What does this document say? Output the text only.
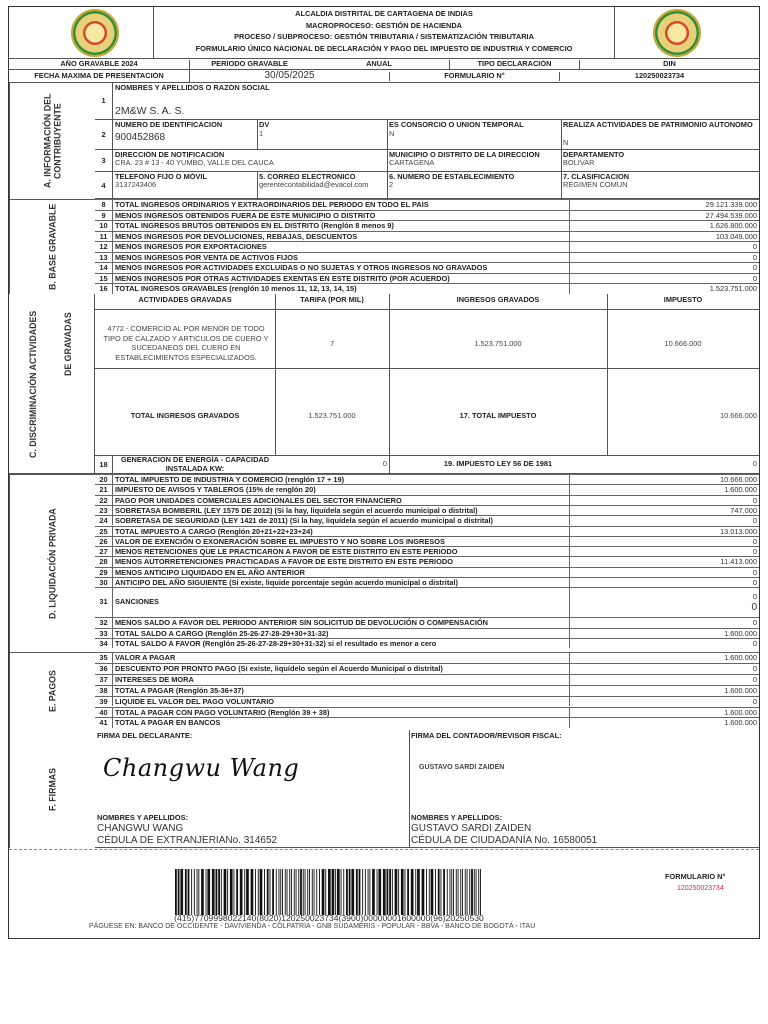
ALCALDIA DISTRITAL DE CARTAGENA DE INDIAS
MACROPROCESO: GESTIÓN DE HACIENDA
PROCESO / SUBPROCESO: GESTIÓN TRIBUTARIA / SISTEMATIZACIÓN TRIBUTARIA
FORMULARIO ÚNICO NACIONAL DE DECLARACIÓN Y PAGO DEL IMPUESTO DE INDUSTRIA Y COMERCIO
AÑO GRAVABLE 2024	PERÍODO GRAVABLE	ANUAL	TIPO DECLARACIÓN	DIN
FECHA MAXIMA DE PRESENTACIÓN	30/05/2025	FORMULARIO N°	120250023734
A. INFORMACIÓN DEL CONTRIBUYENTE
1
NOMBRES Y APELLIDOS O RAZÓN SOCIAL
2M&W S. A. S.
2
NUMERO DE IDENTIFICACION
900452868
DV
1
ES CONSORCIO O UNION TEMPORAL
N
REALIZA ACTIVIDADES DE PATRIMONIO AUTONOMO
N
3
DIRECCIÓN DE NOTIFICACIÓN
CRA. 23 # 13 - 40 YUMBO, VALLE DEL CAUCA
MUNICIPIO O DISTRITO DE LA DIRECCION
CARTAGENA
DEPARTAMENTO
BOLIVAR
4
TELEFONO FIJO O MÓVIL
3137243406
5. CORREO ELECTRONICO
gerentecontabilidad@evacol.com
6. NUMERO DE ESTABLECIMIENTO
2
7. CLASIFICACION
REGIMEN COMUN
B. BASE GRAVABLE	8	TOTAL INGRESOS ORDINARIOS Y EXTRAORDINARIOS DEL PERIODO EN TODO EL PAIS	29.121.339.000
9	MENOS INGRESOS OBTENIDOS FUERA DE ESTE MUNICIPIO O DISTRITO	27.494.539.000
10 TOTAL INGRESOS BRUTOS OBTENIDOS EN EL DISTRITO (Renglón 8 menos 9)	1.626.800.000
11	MENOS INGRESOS POR DEVOLUCIONES, REBAJAS, DESCUENTOS	103.049.000
12 MENOS INGRESOS POR EXPORTACIONES	0
13 MENOS INGRESOS POR VENTA DE ACTIVOS FIJOS	0
14 MENOS INGRESOS POR ACTIVIDADES EXCLUIDAS O NO SUJETAS Y OTROS INGRESOS NO GRAVADOS	0
15 MENOS INGRESOS POR OTRAS ACTIVIDADES EXENTAS EN ESTE DISTRITO (POR ACUERDO)	0
16 TOTAL INGRESOS GRAVABLES (renglón 10 menos 11, 12, 13, 14, 15)	1.523.751.000
C. DISCRIMINACIÓN ACTIVIDADES	DE GRAVADAS
ACTIVIDADES GRAVADAS	TARIFA (POR MIL)	INGRESOS GRAVADOS	IMPUESTO
4772 - COMERCIO AL POR MENOR DE TODO TIPO DE CALZADO Y ARTICULOS DE CUERO Y SUCEDANEOS DEL CUERO EN ESTABLECIMIENTOS ESPECIALIZADOS.
7	1.523.751.000	10.666.000
TOTAL INGRESOS GRAVADOS	1.523.751.000	17. TOTAL IMPUESTO	10.666.000
18
GENERACION DE ENERGÍA - CAPACIDAD INSTALADA KW:	0	19. IMPUESTO LEY 56 DE 1981	0
D. LIQUIDACIÓN PRIVADA
20 TOTAL IMPUESTO DE INDUSTRIA Y COMERCIO (renglón 17 + 19)	10.666.000
21 IMPUESTO DE AVISOS Y TABLEROS (15% de renglón 20)	1.600.000
22 PAGO POR UNIDADES COMERCIALES ADICIONALES DEL SECTOR FINANCIERO	0
23 SOBRETASA BOMBERIL (LEY 1575 DE 2012) (Si la hay, liquídela según el acuerdo municipal o distrital)	747.000
24 SOBRETASA DE SEGURIDAD (LEY 1421 de 2011) (Si la hay, liquídela según el acuerdo municipal o distrital)	0
25 TOTAL IMPUESTO A CARGO (Renglón 20+21+22+23+24)	13.013.000
26 VALOR DE EXENCIÓN O EXONERACIÓN SOBRE EL IMPUESTO Y NO SOBRE LOS INGRESOS	0
27 MENOS RETENCIONES QUE LE PRACTICARON A FAVOR DE ESTE DISTRITO EN ESTE PERIODO	0
28 MENOS AUTORRETENCIONES PRACTICADAS A FAVOR DE ESTE DISTRITO EN ESTE PERIODO	11.413.000
29 MENOS ANTICIPO LIQUIDADO EN EL AÑO ANTERIOR	0
30 ANTICIPO DEL AÑO SIGUIENTE (Si existe, liquide porcentaje según acuerdo municipal o distrital)	0
31 SANCIONES
0
0
32 MENOS SALDO A FAVOR DEL PERIODO ANTERIOR SIN SOLICITUD DE DEVOLUCIÓN O COMPENSACIÓN	0
33 TOTAL SALDO A CARGO (Renglón 25-26-27-28-29+30+31-32)	1.600.000
34 TOTAL SALDO A FAVOR (Renglón 25-26-27-28-29+30+31-32) si el resultado es menor a cero	0
E. PAGOS
35 VALOR A PAGAR	1.600.000
36 DESCUENTO POR PRONTO PAGO (Si existe, liquídelo según el Acuerdo Municipal o distrital)	0
37 INTERESES DE MORA	0
38 TOTAL A PAGAR (Renglón 35-36+37)	1.600.000
39 LIQUIDE EL VALOR DEL PAGO VOLUNTARIO	0
40 TOTAL A PAGAR CON PAGO VOLUNTARIO (Renglón 39 + 38)	1.600.000
41 TOTAL A PAGAR EN BANCOS	1.600.000
F. FIRMAS
FIRMA DEL DECLARANTE:
Changwu Wang
NOMBRES Y APELLIDOS:
CHANGWU WANG
CÉDULA DE EXTRANJERIANo. 314652
FIRMA DEL CONTADOR/REVISOR FISCAL:
GUSTAVO SARDI ZAIDEN
NOMBRES Y APELLIDOS:
GUSTAVO SARDI ZAIDEN
CÉDULA DE CIUDADANÍA No. 16580051
(415)7709998022140(8020)120250023734(3900)00000001600000(96)20250530
PÁGUESE EN: BANCO DE OCCIDENTE - DAVIVIENDA - COLPATRIA - GNB SUDAMERIS - POPULAR - BBVA - BANCO DE BOGOTÁ - ITAU
FORMULARIO N°
120250023734
